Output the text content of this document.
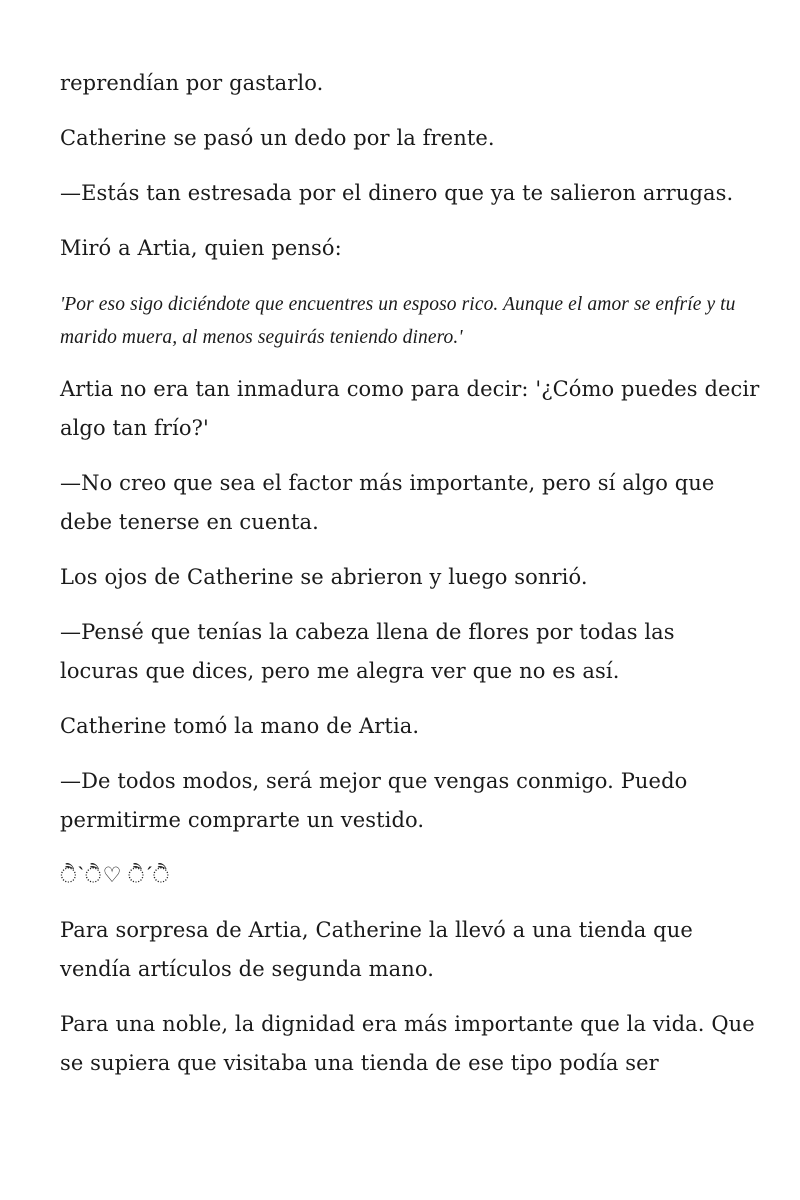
reprendían por gastarlo.

Catherine se pasó un dedo por la frente.

—Estás tan estresada por el dinero que ya te salieron arrugas.

Miró a Artia, quien pensó:

'Por eso sigo diciéndote que encuentres un esposo rico. Aunque el amor se enfríe y tu marido muera, al menos seguirás teniendo dinero.'

Artia no era tan inmadura como para decir: '¿Cómo puedes decir algo tan frío?'

—No creo que sea el factor más importante, pero sí algo que debe tenerse en cuenta.

Los ojos de Catherine se abrieron y luego sonrió.

—Pensé que tenías la cabeza llena de flores por todas las locuras que dices, pero me alegra ver que no es así.

Catherine tomó la mano de Artia.

—De todos modos, será mejor que vengas conmigo. Puedo permitirme comprarte un vestido.

ੈ`ੈ♡ ੈ´ੈ

Para sorpresa de Artia, Catherine la llevó a una tienda que vendía artículos de segunda mano.

Para una noble, la dignidad era más importante que la vida. Que se supiera que visitaba una tienda de ese tipo podía ser
